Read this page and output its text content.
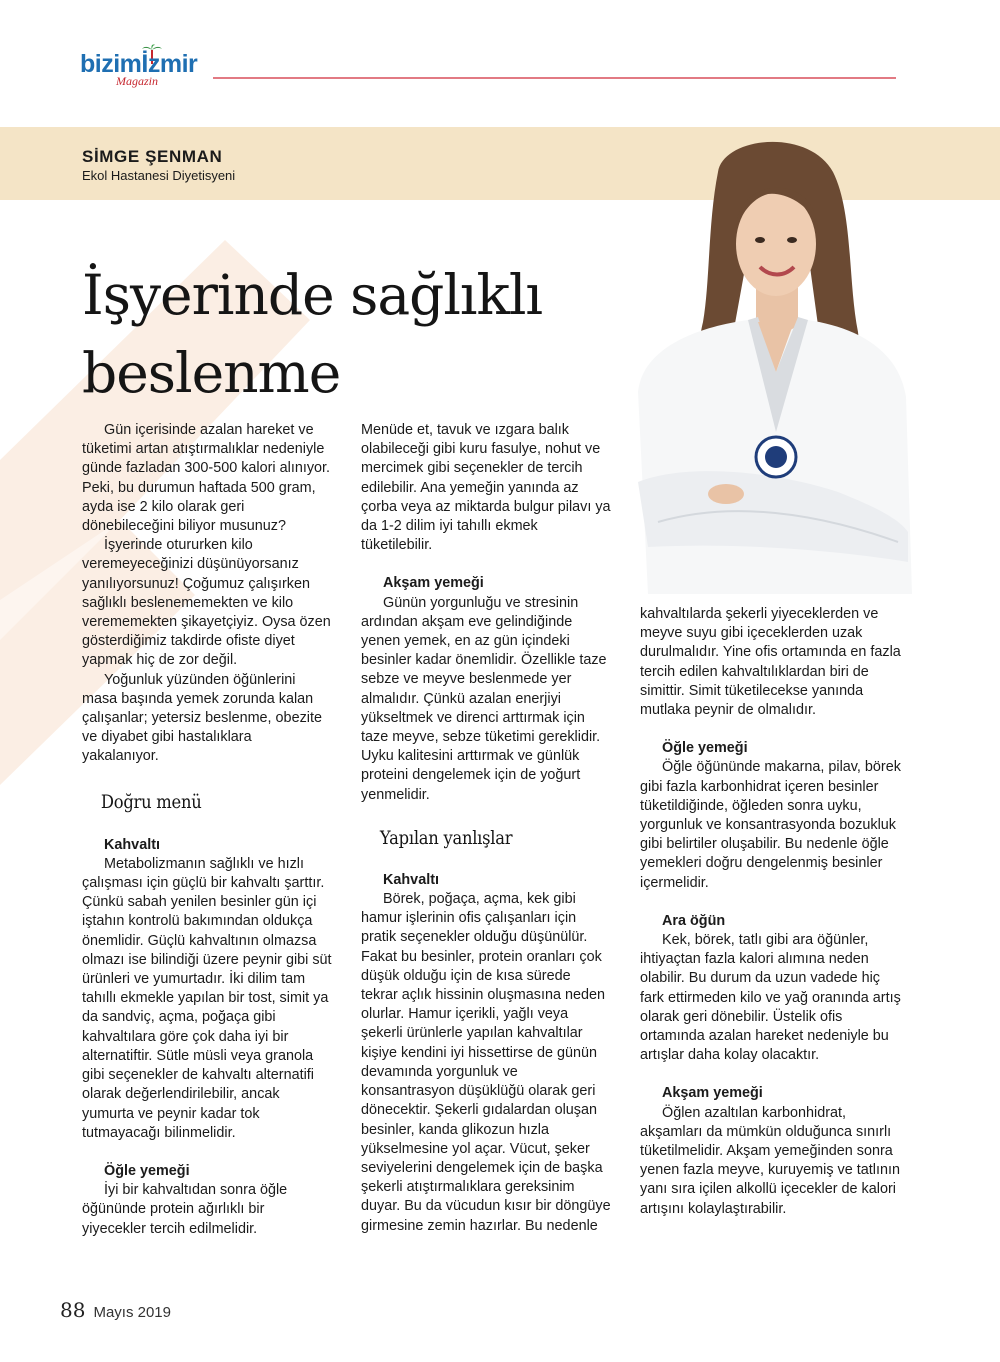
bizimİzmir
Magazin
SİMGE ŞENMAN
Ekol Hastanesi Diyetisyeni
İşyerinde sağlıklı
beslenme

Gün içerisinde azalan hareket ve tüketimi artan atıştırmalıklar nedeniyle günde fazladan 300-500 kalori alınıyor. Peki, bu durumun haftada 500 gram, ayda ise 2 kilo olarak geri dönebileceğini biliyor musunuz?

İşyerinde otururken kilo veremeyeceğinizi düşünüyorsanız yanılıyorsunuz! Çoğumuz çalışırken sağlıklı beslenememekten ve kilo verememekten şikayetçiyiz. Oysa özen gösterdiğimiz takdirde ofiste diyet yapmak hiç de zor değil.

Yoğunluk yüzünden öğünlerini masa başında yemek zorunda kalan çalışanlar; yetersiz beslenme, obezite ve diyabet gibi hastalıklara yakalanıyor.

Doğru menü
Kahvaltı

Metabolizmanın sağlıklı ve hızlı çalışması için güçlü bir kahvaltı şarttır. Çünkü sabah yenilen besinler gün içi iştahın kontrolü bakımından oldukça önemlidir. Güçlü kahvaltının olmazsa olmazı ise bilindiği üzere peynir gibi süt ürünleri ve yumurtadır. İki dilim tam tahıllı ekmekle yapılan bir tost, simit ya da sandviç, açma, poğaça gibi kahvaltılara göre çok daha iyi bir alternatiftir. Sütle müsli veya granola gibi seçenekler de kahvaltı alternatifi olarak değerlendirilebilir, ancak yumurta ve peynir kadar tok tutmayacağı bilinmelidir.

Öğle yemeği

İyi bir kahvaltıdan sonra öğle öğününde protein ağırlıklı bir yiyecekler tercih edilmelidir.

Menüde et, tavuk ve ızgara balık olabileceği gibi kuru fasulye, nohut ve mercimek gibi seçenekler de tercih edilebilir. Ana yemeğin yanında az çorba veya az miktarda bulgur pilavı ya da 1-2 dilim iyi tahıllı ekmek tüketilebilir.

Akşam yemeği

Günün yorgunluğu ve stresinin ardından akşam eve gelindiğinde yenen yemek, en az gün içindeki besinler kadar önemlidir. Özellikle taze sebze ve meyve beslenmede yer almalıdır. Çünkü azalan enerjiyi yükseltmek ve direnci arttırmak için taze meyve, sebze tüketimi gereklidir. Uyku kalitesini arttırmak ve günlük proteini dengelemek için de yoğurt yenmelidir.

Yapılan yanlışlar
Kahvaltı

Börek, poğaça, açma, kek gibi hamur işlerinin ofis çalışanları için pratik seçenekler olduğu düşünülür. Fakat bu besinler, protein oranları çok düşük olduğu için de kısa sürede tekrar açlık hissinin oluşmasına neden olurlar. Hamur içerikli, yağlı veya şekerli ürünlerle yapılan kahvaltılar kişiye kendini iyi hissettirse de günün devamında yorgunluk ve konsantrasyon düşüklüğü olarak geri dönecektir. Şekerli gıdalardan oluşan besinler, kanda glikozun hızla yükselmesine yol açar. Vücut, şeker seviyelerini dengelemek için de başka şekerli atıştırmalıklara gereksinim duyar. Bu da vücudun kısır bir döngüye girmesine zemin hazırlar. Bu nedenle

kahvaltılarda şekerli yiyeceklerden ve meyve suyu gibi içeceklerden uzak durulmalıdır. Yine ofis ortamında en fazla tercih edilen kahvaltılıklardan biri de simittir. Simit tüketilecekse yanında mutlaka peynir de olmalıdır.

Öğle yemeği

Öğle öğününde makarna, pilav, börek gibi fazla karbonhidrat içeren besinler tüketildiğinde, öğleden sonra uyku, yorgunluk ve konsantrasyonda bozukluk gibi belirtiler oluşabilir. Bu nedenle öğle yemekleri doğru dengelenmiş besinler içermelidir.

Ara öğün

Kek, börek, tatlı gibi ara öğünler, ihtiyaçtan fazla kalori alımına neden olabilir. Bu durum da uzun vadede hiç fark ettirmeden kilo ve yağ oranında artış olarak geri dönebilir. Üstelik ofis ortamında azalan hareket nedeniyle bu artışlar daha kolay olacaktır.

Akşam yemeği

Öğlen azaltılan karbonhidrat, akşamları da mümkün olduğunca sınırlı tüketilmelidir. Akşam yemeğinden sonra yenen fazla meyve, kuruyemiş ve tatlının yanı sıra içilen alkollü içecekler de kalori artışını kolaylaştırabilir.

88 Mayıs 2019
